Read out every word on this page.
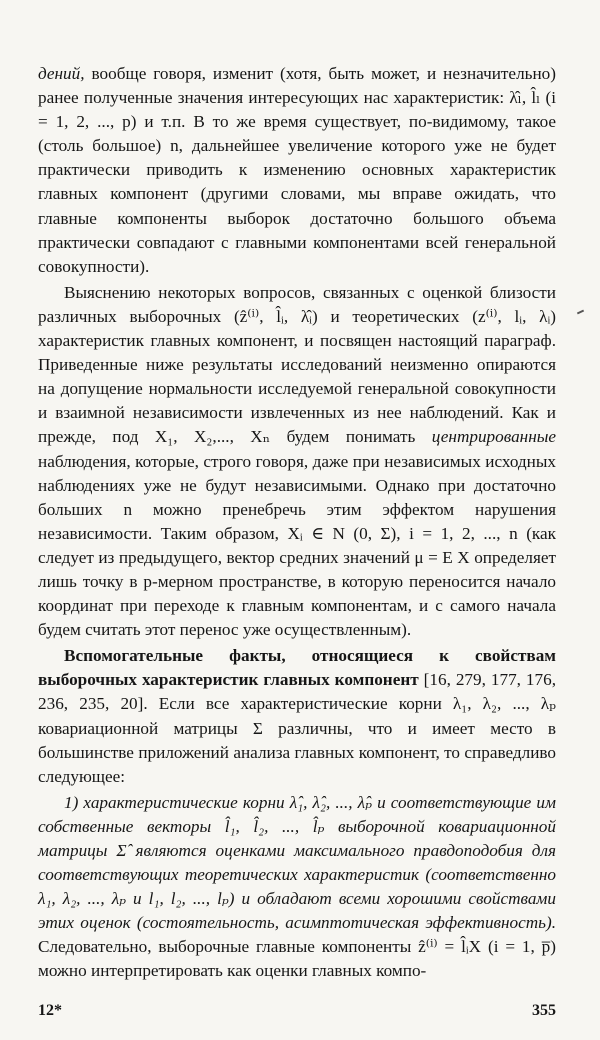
дений, вообще говоря, изменит (хотя, быть может, и незначительно) ранее полученные значения интересующих нас характеристик: λ̂ₗ, l̂ₗ (i = 1, 2, ..., p) и т.п. В то же время существует, по-видимому, такое (столь большое) n, дальнейшее увеличение которого уже не будет практически приводить к изменению основных характеристик главных компонент (другими словами, мы вправе ожидать, что главные компоненты выборок достаточно большого объема практически совпадают с главными компонентами всей генеральной совокупности).

Выяснению некоторых вопросов, связанных с оценкой близости различных выборочных (ẑ⁽ⁱ⁾, l̂ᵢ, λ̂ᵢ) и теоретических (z⁽ⁱ⁾, lᵢ, λᵢ) характеристик главных компонент, и посвящен настоящий параграф. Приведенные ниже результаты исследований неизменно опираются на допущение нормальности исследуемой генеральной совокупности и взаимной независимости извлеченных из нее наблюдений. Как и прежде, под X₁, X₂,..., Xₙ будем понимать центрированные наблюдения, которые, строго говоря, даже при независимых исходных наблюдениях уже не будут независимыми. Однако при достаточно больших n можно пренебречь этим эффектом нарушения независимости. Таким образом, Xᵢ ∈ N (0, Σ), i = 1, 2, ..., n (как следует из предыдущего, вектор средних значений μ = E X определяет лишь точку в p-мерном пространстве, в которую переносится начало координат при переходе к главным компонентам, и с самого начала будем считать этот перенос уже осуществленным).

Вспомогательные факты, относящиеся к свойствам выборочных характеристик главных компонент [16, 279, 177, 176, 236, 235, 20]. Если все характеристические корни λ₁, λ₂, ..., λₚ ковариационной матрицы Σ различны, что и имеет место в большинстве приложений анализа главных компонент, то справедливо следующее:

1) характеристические корни λ̂₁, λ̂₂, ..., λ̂ₚ и соответствующие им собственные векторы l̂₁, l̂₂, ..., l̂ₚ выборочной ковариационной матрицы Σ̂ являются оценками максимального правдоподобия для соответствующих теоретических характеристик (соответственно λ₁, λ₂, ..., λₚ и l₁, l₂, ..., lₚ) и обладают всеми хорошими свойствами этих оценок (состоятельность, асимптотическая эффективность). Следовательно, выборочные главные компоненты ẑ⁽ⁱ⁾ = l̂ᵢX (i = 1, p̅) можно интерпретировать как оценки главных компо-

12*	355
